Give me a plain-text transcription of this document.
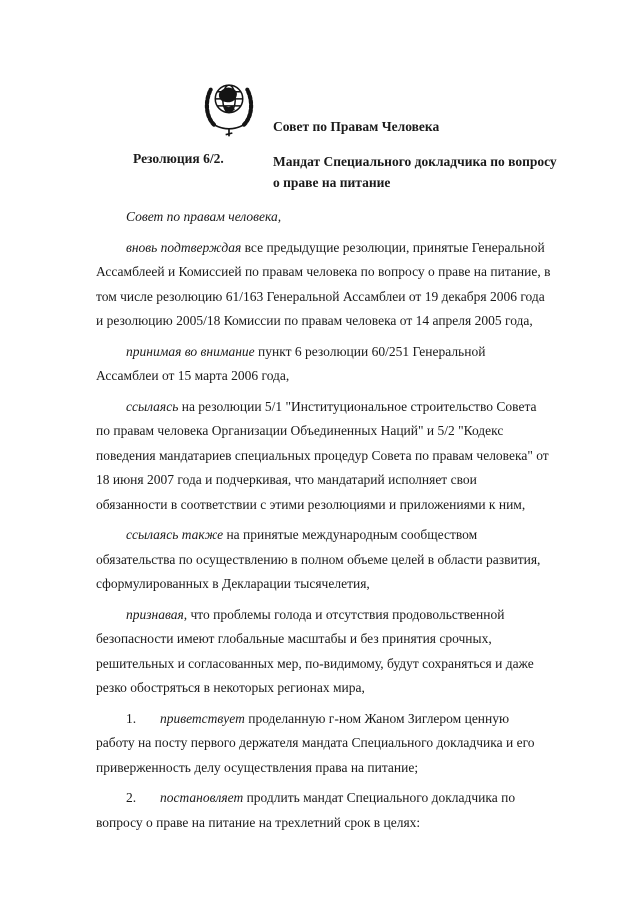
Совет по Правам Человека
Резолюция 6/2.	Мандат Специального докладчика по вопросу о праве на питание

Совет по правам человека,

вновь подтверждая все предыдущие резолюции, принятые Генеральной Ассамблеей и Комиссией по правам человека по вопросу о праве на питание, в том числе резолюцию 61/163 Генеральной Ассамблеи от 19 декабря 2006 года и резолюцию 2005/18 Комиссии по правам человека от 14 апреля 2005 года,

принимая во внимание пункт 6 резолюции 60/251 Генеральной Ассамблеи от 15 марта 2006 года,

ссылаясь на резолюции 5/1 "Институциональное строительство Совета по правам человека Организации Объединенных Наций" и 5/2 "Кодекс поведения мандатариев специальных процедур Совета по правам человека" от 18 июня 2007 года и подчеркивая, что мандатарий исполняет свои обязанности в соответствии с этими резолюциями и приложениями к ним,

ссылаясь также на принятые международным сообществом обязательства по осуществлению в полном объеме целей в области развития, сформулированных в Декларации тысячелетия,

признавая, что проблемы голода и отсутствия продовольственной безопасности имеют глобальные масштабы и без принятия срочных, решительных и согласованных мер, по-видимому, будут сохраняться и даже резко обостряться в некоторых регионах мира,

1. приветствует проделанную г-ном Жаном Зиглером ценную работу на посту первого держателя мандата Специального докладчика и его приверженность делу осуществления права на питание;

2. постановляет продлить мандат Специального докладчика по вопросу о праве на питание на трехлетний срок в целях:
